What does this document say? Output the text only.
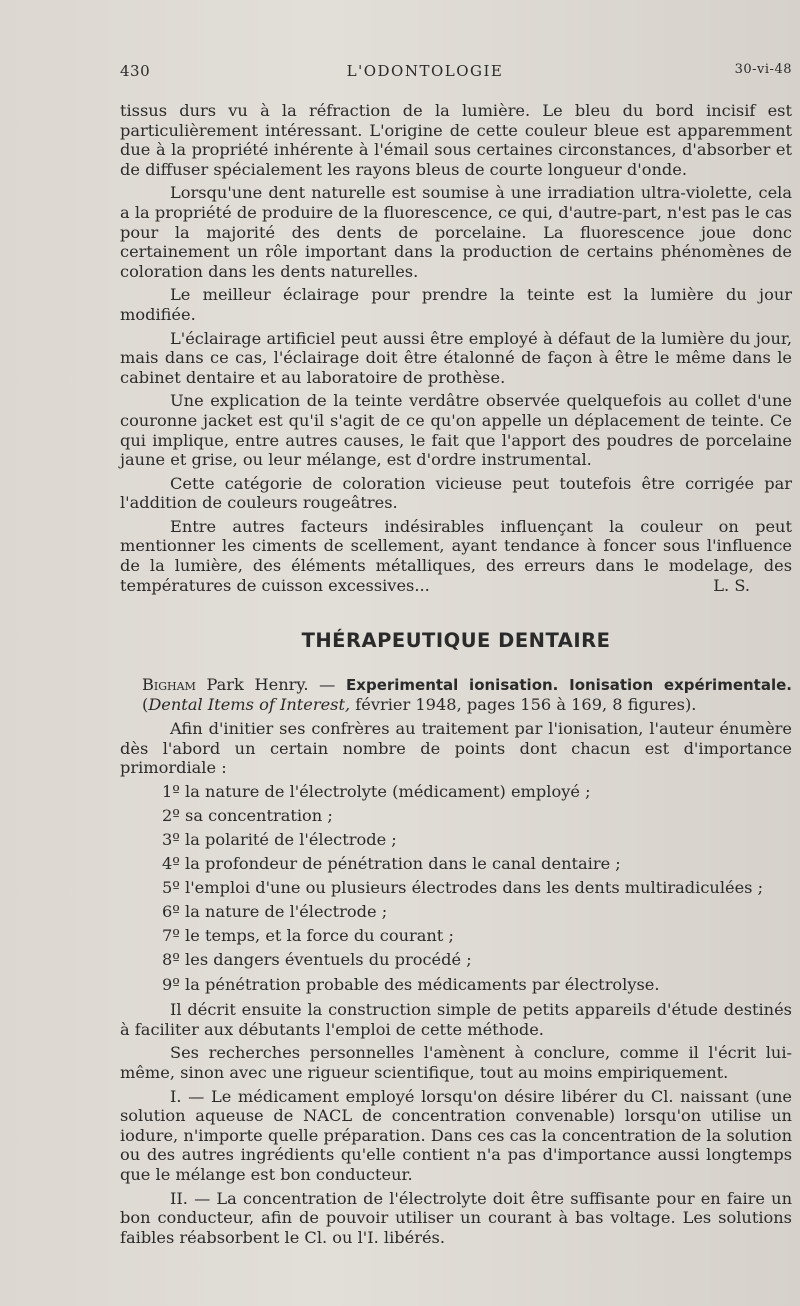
430	L'ODONTOLOGIE	30-vi-48

tissus durs vu à la réfraction de la lumière. Le bleu du bord incisif est particulièrement intéressant. L'origine de cette couleur bleue est apparemment due à la propriété inhérente à l'émail sous certaines circonstances, d'absorber et de diffuser spécialement les rayons bleus de courte longueur d'onde.

Lorsqu'une dent naturelle est soumise à une irradiation ultra-violette, cela a la propriété de produire de la fluorescence, ce qui, d'autre-part, n'est pas le cas pour la majorité des dents de porcelaine. La fluorescence joue donc certainement un rôle important dans la production de certains phénomènes de coloration dans les dents naturelles.

Le meilleur éclairage pour prendre la teinte est la lumière du jour modifiée.

L'éclairage artificiel peut aussi être employé à défaut de la lumière du jour, mais dans ce cas, l'éclairage doit être étalonné de façon à être le même dans le cabinet dentaire et au laboratoire de prothèse.

Une explication de la teinte verdâtre observée quelquefois au collet d'une couronne jacket est qu'il s'agit de ce qu'on appelle un déplacement de teinte. Ce qui implique, entre autres causes, le fait que l'apport des poudres de porcelaine jaune et grise, ou leur mélange, est d'ordre instrumental.

Cette catégorie de coloration vicieuse peut toutefois être corrigée par l'addition de couleurs rougeâtres.

Entre autres facteurs indésirables influençant la couleur on peut mentionner les ciments de scellement, ayant tendance à foncer sous l'influence de la lumière, des éléments métalliques, des erreurs dans le modelage, des températures de cuisson excessives...	L. S.

THÉRAPEUTIQUE DENTAIRE

Bigham Park Henry. — Experimental ionisation. Ionisation expérimentale. (Dental Items of Interest, février 1948, pages 156 à 169, 8 figures).

Afin d'initier ses confrères au traitement par l'ionisation, l'auteur énumère dès l'abord un certain nombre de points dont chacun est d'importance primordiale :

1º la nature de l'électrolyte (médicament) employé ;
2º sa concentration ;
3º la polarité de l'électrode ;
4º la profondeur de pénétration dans le canal dentaire ;
5º l'emploi d'une ou plusieurs électrodes dans les dents multiradiculées ;
6º la nature de l'électrode ;
7º le temps, et la force du courant ;
8º les dangers éventuels du procédé ;
9º la pénétration probable des médicaments par électrolyse.

Il décrit ensuite la construction simple de petits appareils d'étude destinés à faciliter aux débutants l'emploi de cette méthode.

Ses recherches personnelles l'amènent à conclure, comme il l'écrit lui-même, sinon avec une rigueur scientifique, tout au moins empiriquement.

I. — Le médicament employé lorsqu'on désire libérer du Cl. naissant (une solution aqueuse de NACL de concentration convenable) lorsqu'on utilise un iodure, n'importe quelle préparation. Dans ces cas la concentration de la solution ou des autres ingrédients qu'elle contient n'a pas d'importance aussi longtemps que le mélange est bon conducteur.

II. — La concentration de l'électrolyte doit être suffisante pour en faire un bon conducteur, afin de pouvoir utiliser un courant à bas voltage. Les solutions faibles réabsorbent le Cl. ou l'I. libérés.
